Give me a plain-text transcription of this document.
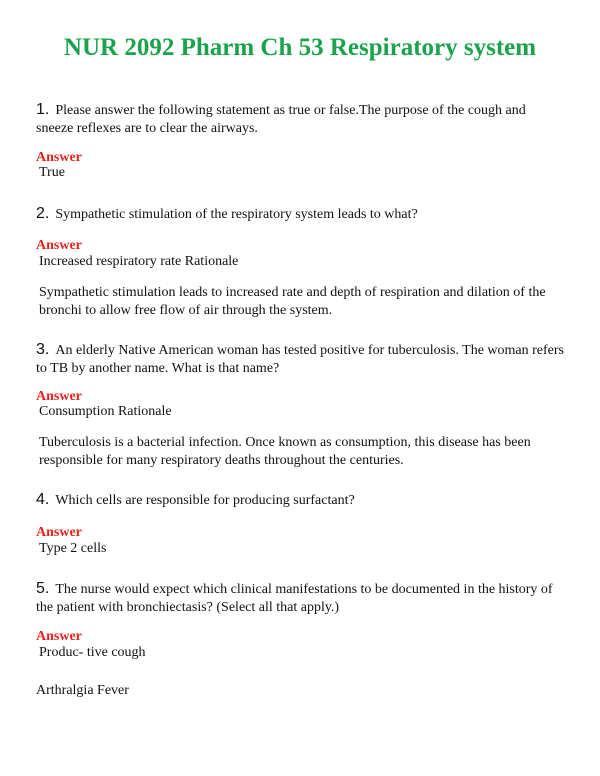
NUR 2092 Pharm Ch 53 Respiratory system

1. Please answer the following statement as true or false.The purpose of the cough and sneeze reflexes are to clear the airways.

Answer

True

2. Sympathetic stimulation of the respiratory system leads to what?

Answer

Increased respiratory rate Rationale

Sympathetic stimulation leads to increased rate and depth of respiration and dilation of the bronchi to allow free flow of air through the system.

3. An elderly Native American woman has tested positive for tuberculosis. The woman refers to TB by another name. What is that name?

Answer

Consumption Rationale

Tuberculosis is a bacterial infection. Once known as consumption, this disease has been responsible for many respiratory deaths throughout the centuries.

4. Which cells are responsible for producing surfactant?

Answer

Type 2 cells

5. The nurse would expect which clinical manifestations to be documented in the history of the patient with bronchiectasis? (Select all that apply.)

Answer

Produc- tive cough

Arthralgia Fever
